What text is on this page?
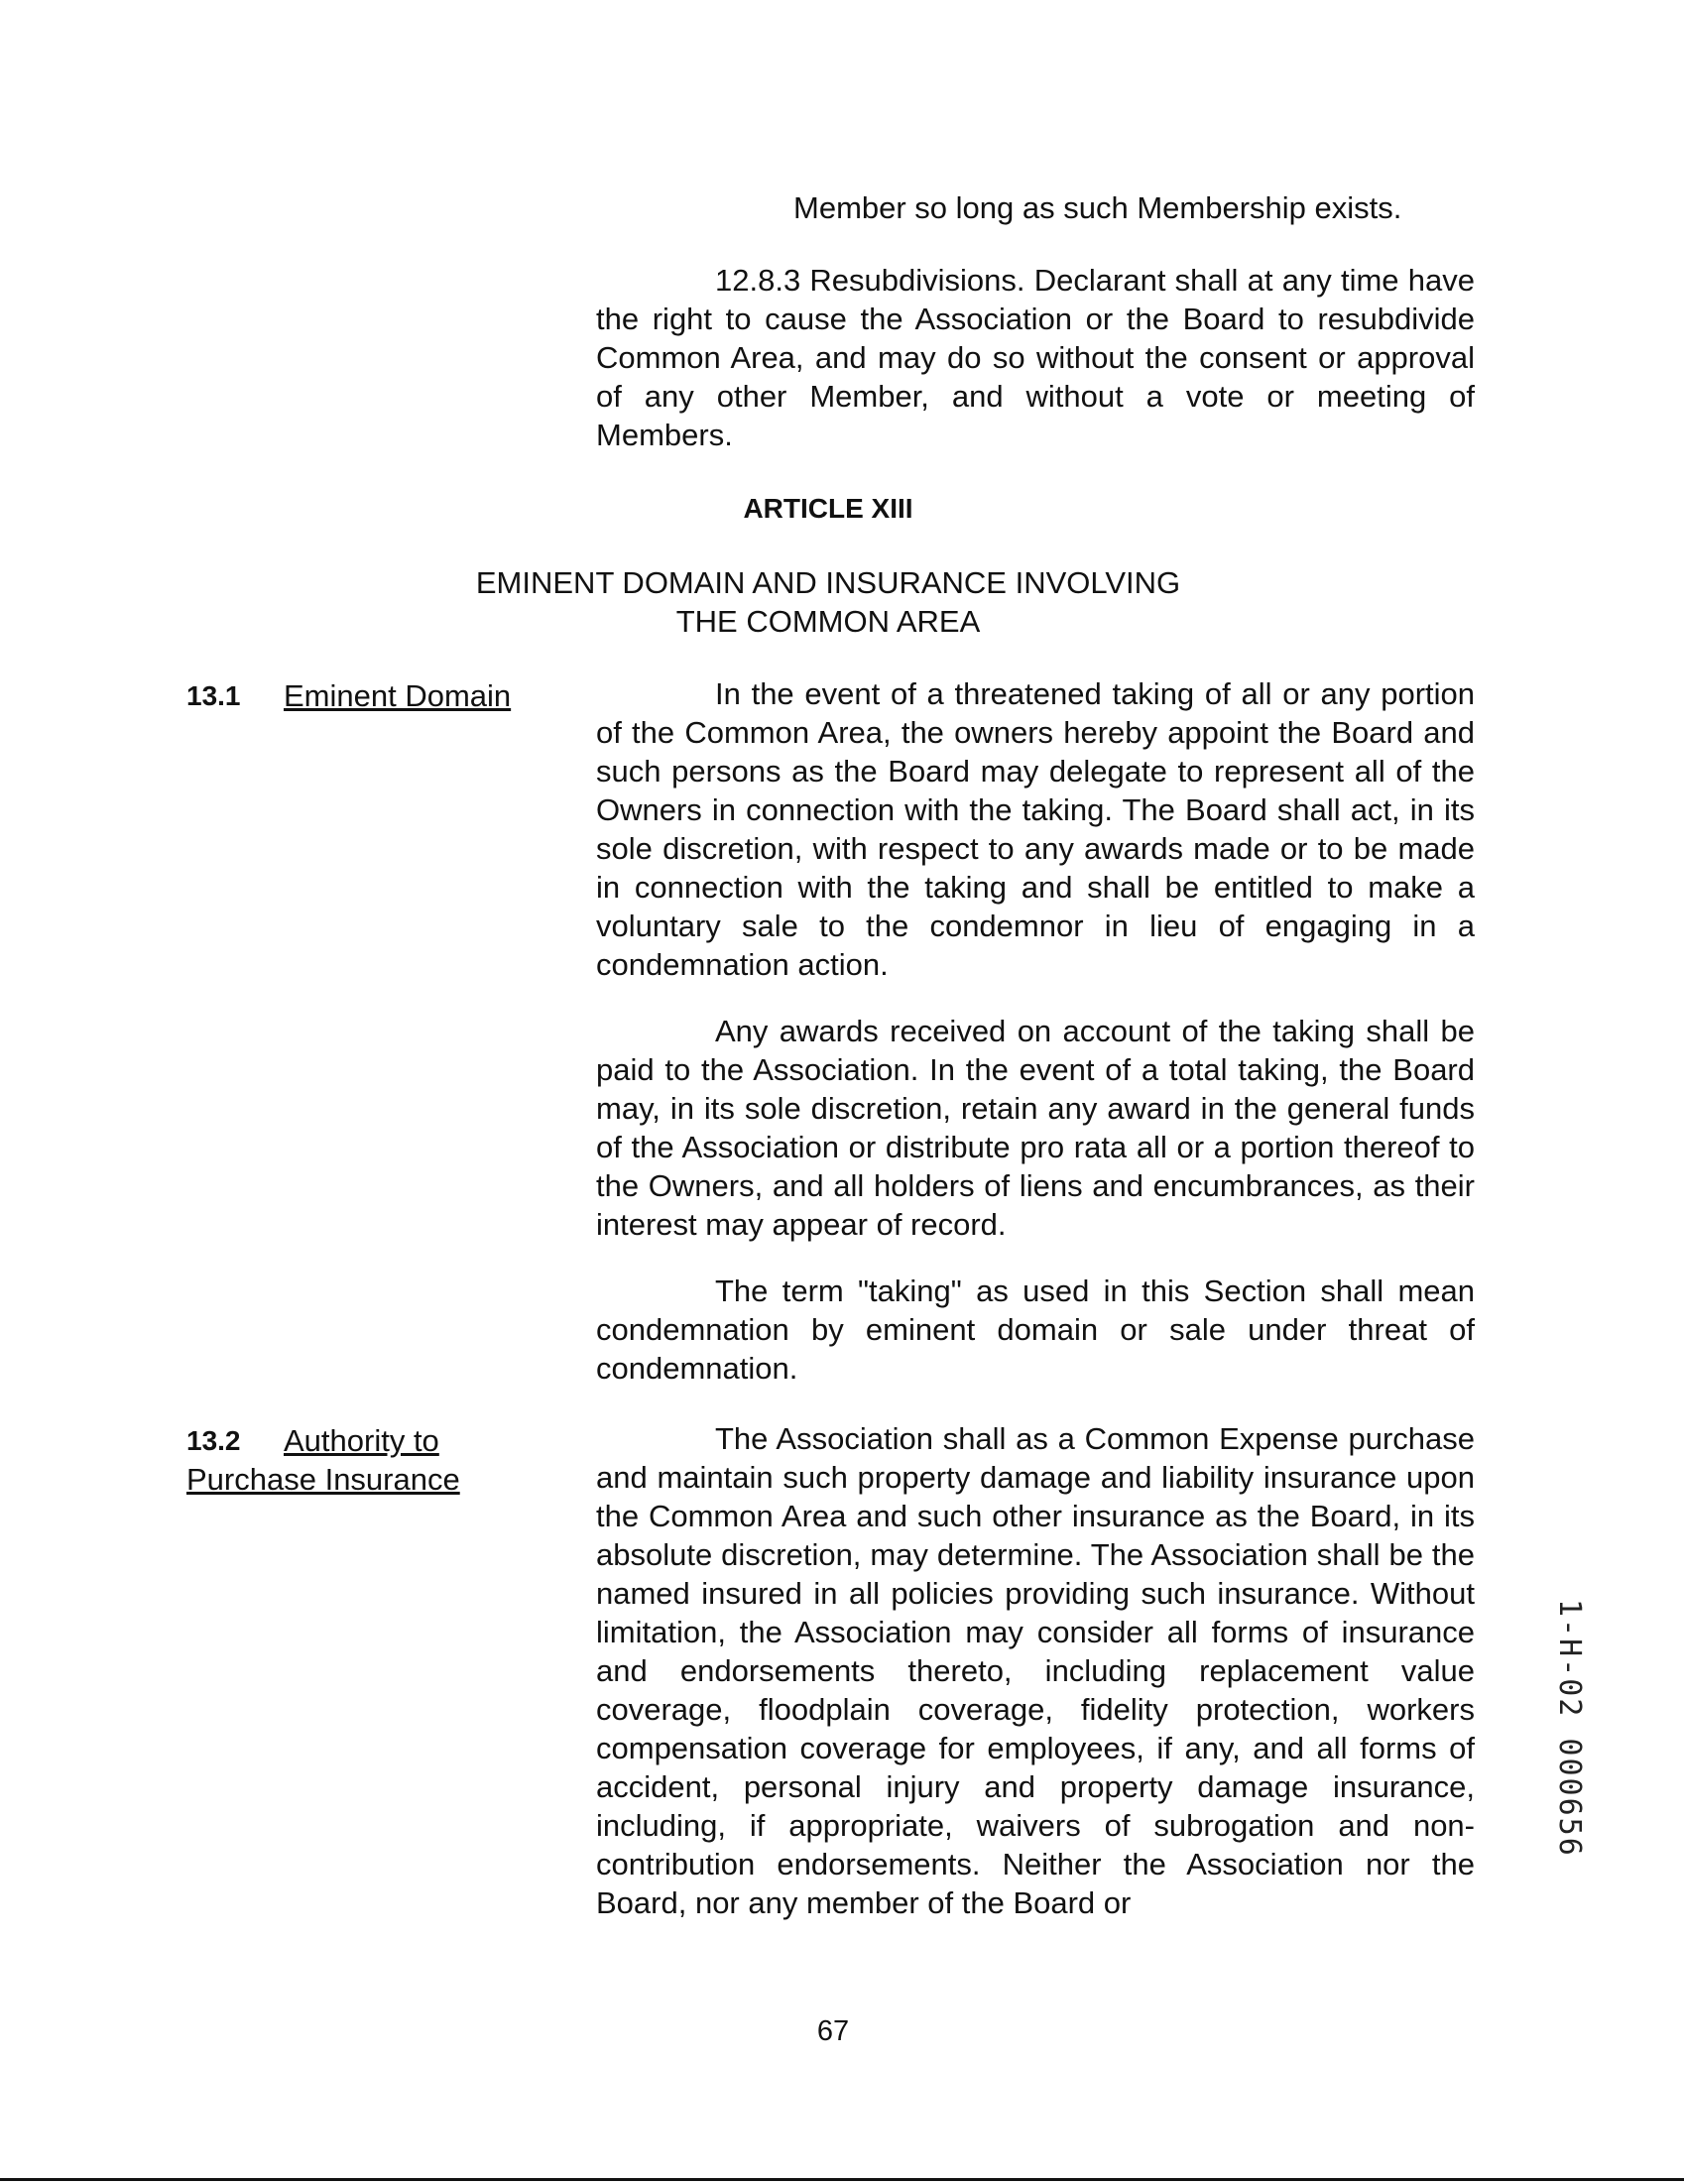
Member so long as such Membership exists.

12.8.3 Resubdivisions. Declarant shall at any time have the right to cause the Association or the Board to resubdivide Common Area, and may do so without the consent or approval of any other Member, and without a vote or meeting of Members.

ARTICLE XIII

EMINENT DOMAIN AND INSURANCE INVOLVING

THE COMMON AREA

13.1 Eminent Domain	In the event of a threatened taking of all or any portion of the Common Area, the owners hereby appoint the Board and such persons as the Board may delegate to represent all of the Owners in connection with the taking. The Board shall act, in its sole discretion, with respect to any awards made or to be made in connection with the taking and shall be entitled to make a voluntary sale to the condemnor in lieu of engaging in a condemnation action.

Any awards received on account of the taking shall be paid to the Association. In the event of a total taking, the Board may, in its sole discretion, retain any award in the general funds of the Association or distribute pro rata all or a portion thereof to the Owners, and all holders of liens and encumbrances, as their interest may appear of record.

The term "taking" as used in this Section shall mean condemnation by eminent domain or sale under threat of condemnation.

13.2 Authority to

Purchase Insurance

The Association shall as a Common Expense purchase and maintain such property damage and liability insurance upon the Common Area and such other insurance as the Board, in its absolute discretion, may determine. The Association shall be the named insured in all policies providing such insurance. Without limitation, the Association may consider all forms of insurance and endorsements thereto, including replacement value coverage, floodplain coverage, fidelity protection, workers compensation coverage for employees, if any, and all forms of accident, personal injury and property damage insurance, including, if appropriate, waivers of subrogation and non-contribution endorsements. Neither the Association nor the Board, nor any member of the Board or

67
1-H-02 000656
